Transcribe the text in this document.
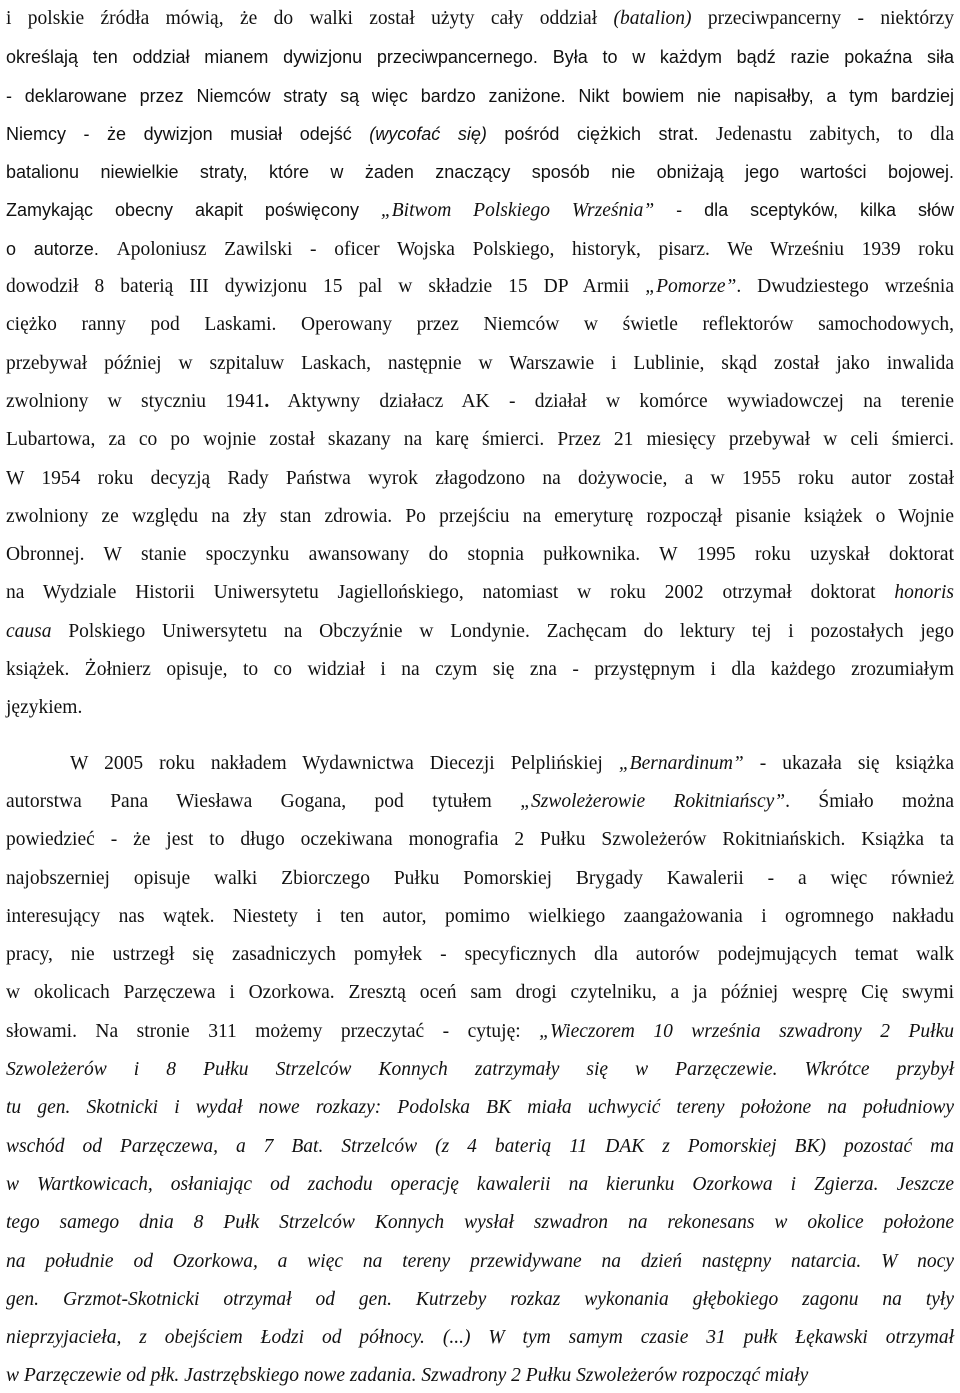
i polskie źródła mówią, że do walki został użyty cały oddział (batalion) przeciwpancerny - niektórzy
określają ten oddział mianem dywizjonu przeciwpancernego. Była to w każdym bądź razie pokaźna siła
- deklarowane przez Niemców straty są więc bardzo zaniżone. Nikt bowiem nie napisałby, a tym bardziej
Niemcy - że dywizjon musiał odejść (wycofać się) pośród ciężkich strat. Jedenastu zabitych, to dla
batalionu niewielkie straty, które w żaden znaczący sposób nie obniżają jego wartości bojowej.
Zamykając obecny akapit poświęcony „Bitwom Polskiego Września” - dla sceptyków, kilka słów
o autorze. Apoloniusz Zawilski - oficer Wojska Polskiego, historyk, pisarz. We Wrześniu 1939 roku
dowodził 8 baterią III dywizjonu 15 pal w składzie 15 DP Armii „Pomorze”. Dwudziestego września
ciężko ranny pod Laskami. Operowany przez Niemców w świetle reflektorów samochodowych,
przebywał później w szpitaluw Laskach, następnie w Warszawie i Lublinie, skąd został jako inwalida
zwolniony w styczniu 1941. Aktywny działacz AK - działał w komórce wywiadowczej na terenie
Lubartowa, za co po wojnie został skazany na karę śmierci. Przez 21 miesięcy przebywał w celi śmierci.
W 1954 roku decyzją Rady Państwa wyrok złagodzono na dożywocie, a w 1955 roku autor został
zwolniony ze względu na zły stan zdrowia. Po przejściu na emeryturę rozpoczął pisanie książek o Wojnie
Obronnej. W stanie spoczynku awansowany do stopnia pułkownika. W 1995 roku uzyskał doktorat
na Wydziale Historii Uniwersytetu Jagiellońskiego, natomiast w roku 2002 otrzymał doktorat honoris
causa Polskiego Uniwersytetu na Obczyźnie w Londynie. Zachęcam do lektury tej i pozostałych jego
książek. Żołnierz opisuje, to co widział i na czym się zna - przystępnym i dla każdego zrozumiałym
językiem.
W 2005 roku nakładem Wydawnictwa Diecezji Pelplińskiej „Bernardinum” - ukazała się książka
autorstwa Pana Wiesława Gogana, pod tytułem „Szwoleżerowie Rokitniańscy”. Śmiało można
powiedzieć - że jest to długo oczekiwana monografia 2 Pułku Szwoleżerów Rokitniańskich. Książka ta
najobszerniej opisuje walki Zbiorczego Pułku Pomorskiej Brygady Kawalerii - a więc również
interesujący nas wątek. Niestety i ten autor, pomimo wielkiego zaangażowania i ogromnego nakładu
pracy, nie ustrzegł się zasadniczych pomyłek - specyficznych dla autorów podejmujących temat walk
w okolicach Parzęczewa i Ozorkowa. Zresztą oceń sam drogi czytelniku, a ja później wesprę Cię swymi
słowami. Na stronie 311 możemy przeczytać - cytuję: „Wieczorem 10 września szwadrony 2 Pułku
Szwoleżerów i 8 Pułku Strzelców Konnych zatrzymały się w Parzęczewie. Wkrótce przybył
tu gen. Skotnicki i wydał nowe rozkazy: Podolska BK miała uchwycić tereny położone na południowy
wschód od Parzęczewa, a 7 Bat. Strzelców (z 4 baterią 11 DAK z Pomorskiej BK) pozostać ma
w Wartkowicach, osłaniając od zachodu operację kawalerii na kierunku Ozorkowa i Zgierza. Jeszcze
tego samego dnia 8 Pułk Strzelców Konnych wysłał szwadron na rekonesans w okolice położone
na południe od Ozorkowa, a więc na tereny przewidywane na dzień następny natarcia. W nocy
gen. Grzmot-Skotnicki otrzymał od gen. Kutrzeby rozkaz wykonania głębokiego zagonu na tyły
nieprzyjacieła, z obejściem Łodzi od północy. (...) W tym samym czasie 31 pułk Łękawski otrzymał
w Parzęczewie od płk. Jastrzębskiego nowe zadania. Szwadrony 2 Pułku Szwoleżerów rozpocząć miały
